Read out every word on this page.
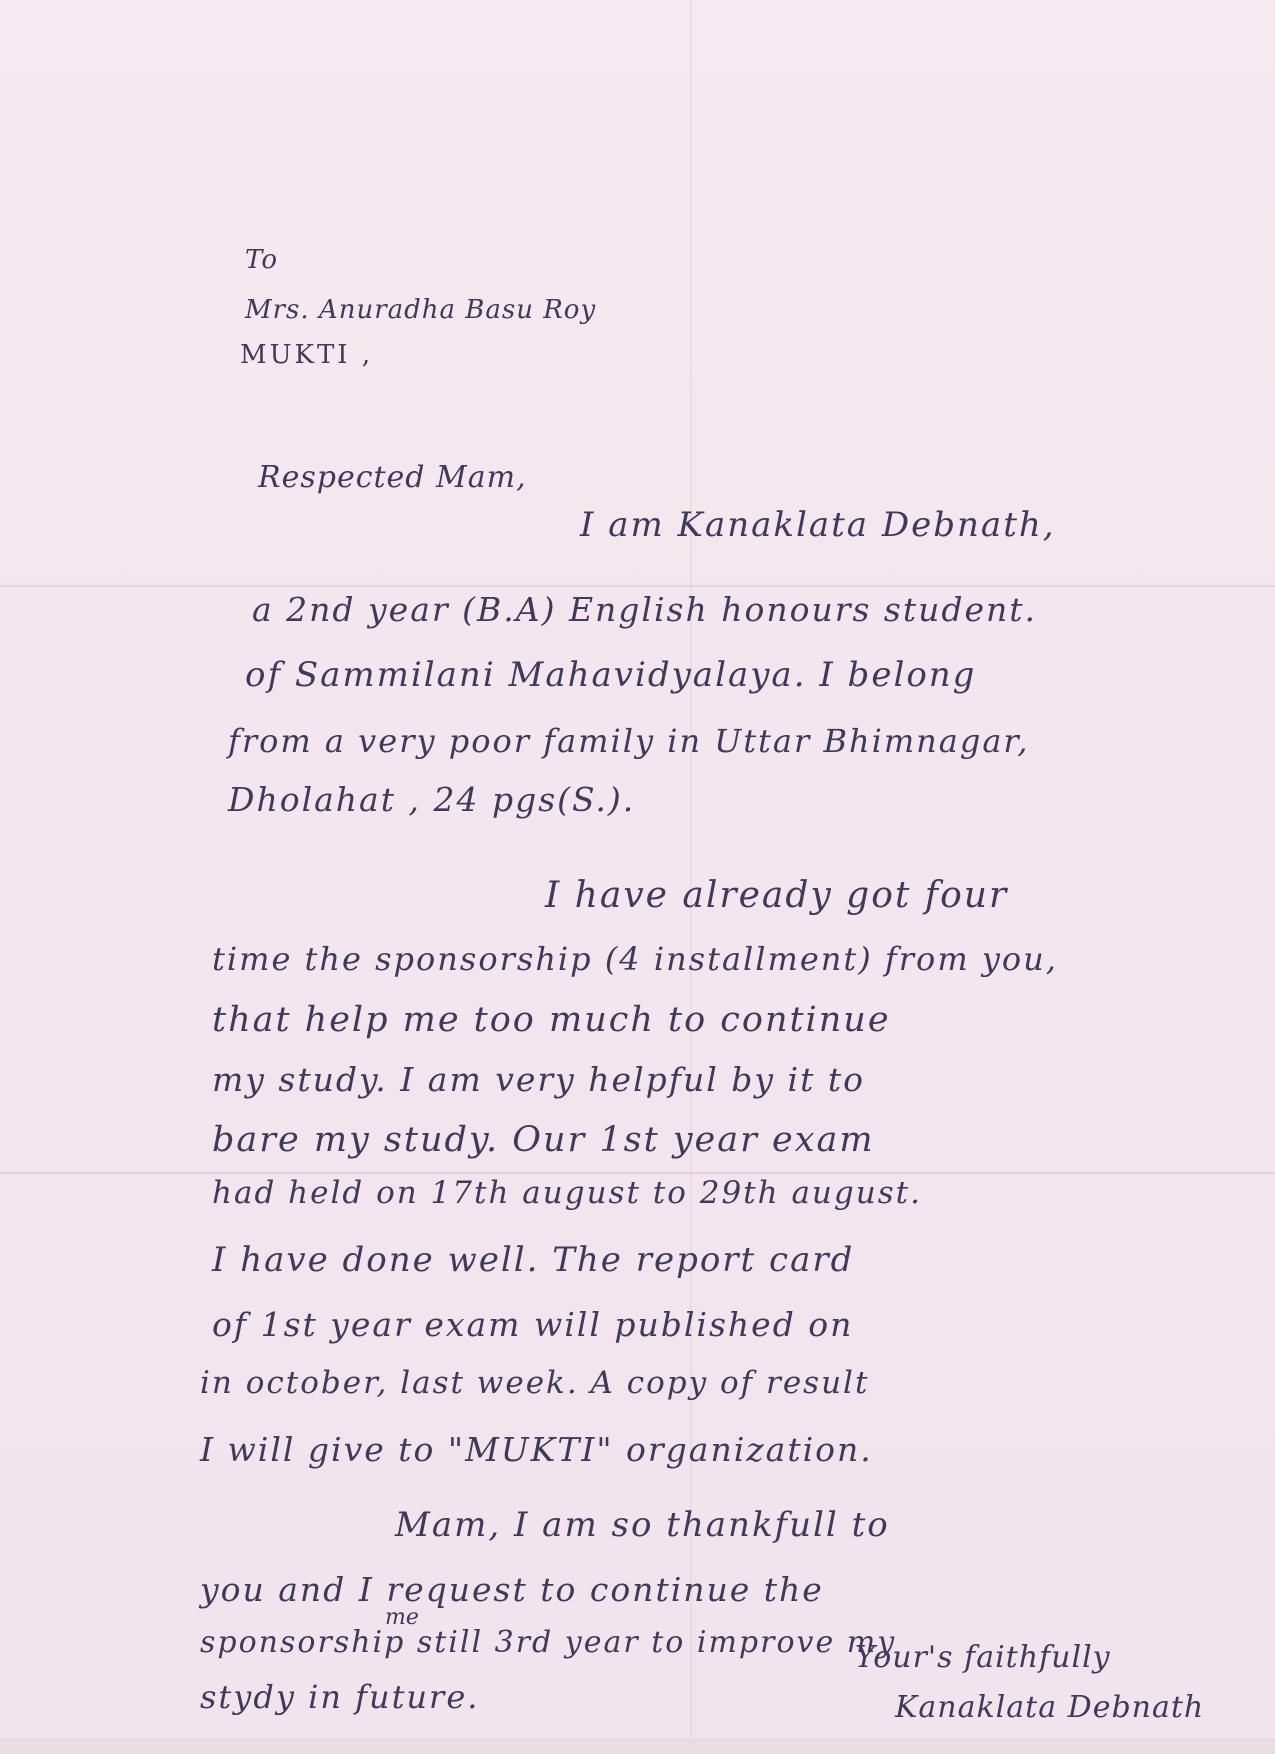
To
Mrs. Anuradha Basu Roy
MUKTI ,
Respected Mam,
I am Kanaklata Debnath,
a 2nd year (B.A) English honours student.
of Sammilani Mahavidyalaya. I belong
from a very poor family in Uttar Bhimnagar,
Dholahat , 24 pgs(S.).
I have already got four
time the sponsorship (4 installment) from you,
that help me too much to continue
my study. I am very helpful by it to
bare my study. Our 1st year exam
had held on 17th august to 29th august.
I have done well. The report card
of 1st year exam will published on
in october, last week. A copy of result
I will give to "MUKTI" organization.
Mam, I am so thankfull to
you and I request to continue the
sponsorship still 3rd year to improve my
me
stydy in future.
Your's faithfully
Kanaklata Debnath
